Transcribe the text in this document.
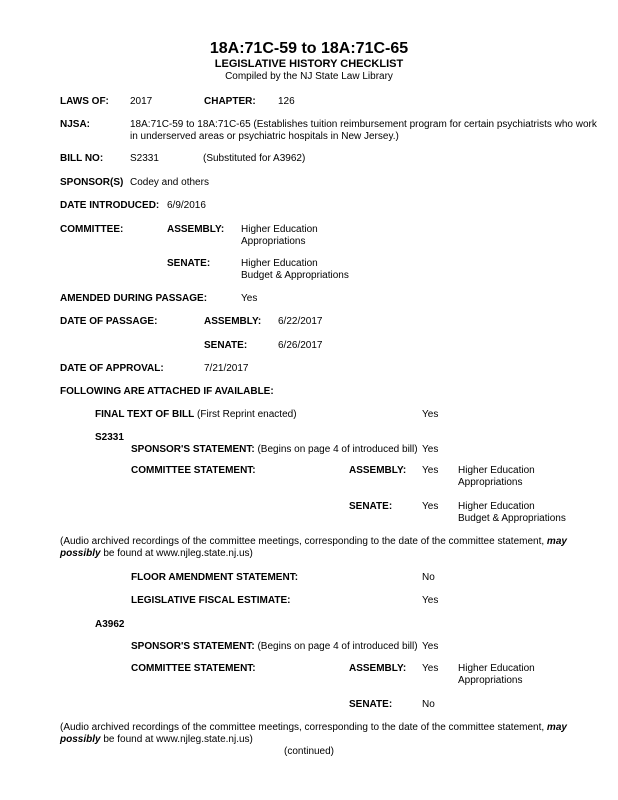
18A:71C-59 to 18A:71C-65
LEGISLATIVE HISTORY CHECKLIST
Compiled by the NJ State Law Library
LAWS OF: 2017	CHAPTER: 126
NJSA:	18A:71C-59 to 18A:71C-65 (Establishes tuition reimbursement program for certain psychiatrists who work in underserved areas or psychiatric hospitals in New Jersey.)
BILL NO:	S2331	(Substituted for A3962)
SPONSOR(S) Codey and others
DATE INTRODUCED: 6/9/2016
COMMITTEE:	ASSEMBLY: Higher Education
Appropriations
SENATE:	Higher Education
Budget & Appropriations
AMENDED DURING PASSAGE:	Yes
DATE OF PASSAGE:	ASSEMBLY: 6/22/2017
SENATE:	6/26/2017
DATE OF APPROVAL:	7/21/2017
FOLLOWING ARE ATTACHED IF AVAILABLE:
FINAL TEXT OF BILL (First Reprint enacted)	Yes
S2331
SPONSOR'S STATEMENT: (Begins on page 4 of introduced bill) Yes
COMMITTEE STATEMENT:	ASSEMBLY: Yes Higher Education
Appropriations
SENATE:	Yes Higher Education
Budget & Appropriations
(Audio archived recordings of the committee meetings, corresponding to the date of the committee statement, may possibly be found at www.njleg.state.nj.us)
FLOOR AMENDMENT STATEMENT:	No
LEGISLATIVE FISCAL ESTIMATE:	Yes
A3962
SPONSOR'S STATEMENT: (Begins on page 4 of introduced bill) Yes
COMMITTEE STATEMENT:	ASSEMBLY: Yes Higher Education
Appropriations
SENATE:	No
(Audio archived recordings of the committee meetings, corresponding to the date of the committee statement, may possibly be found at www.njleg.state.nj.us)
(continued)
